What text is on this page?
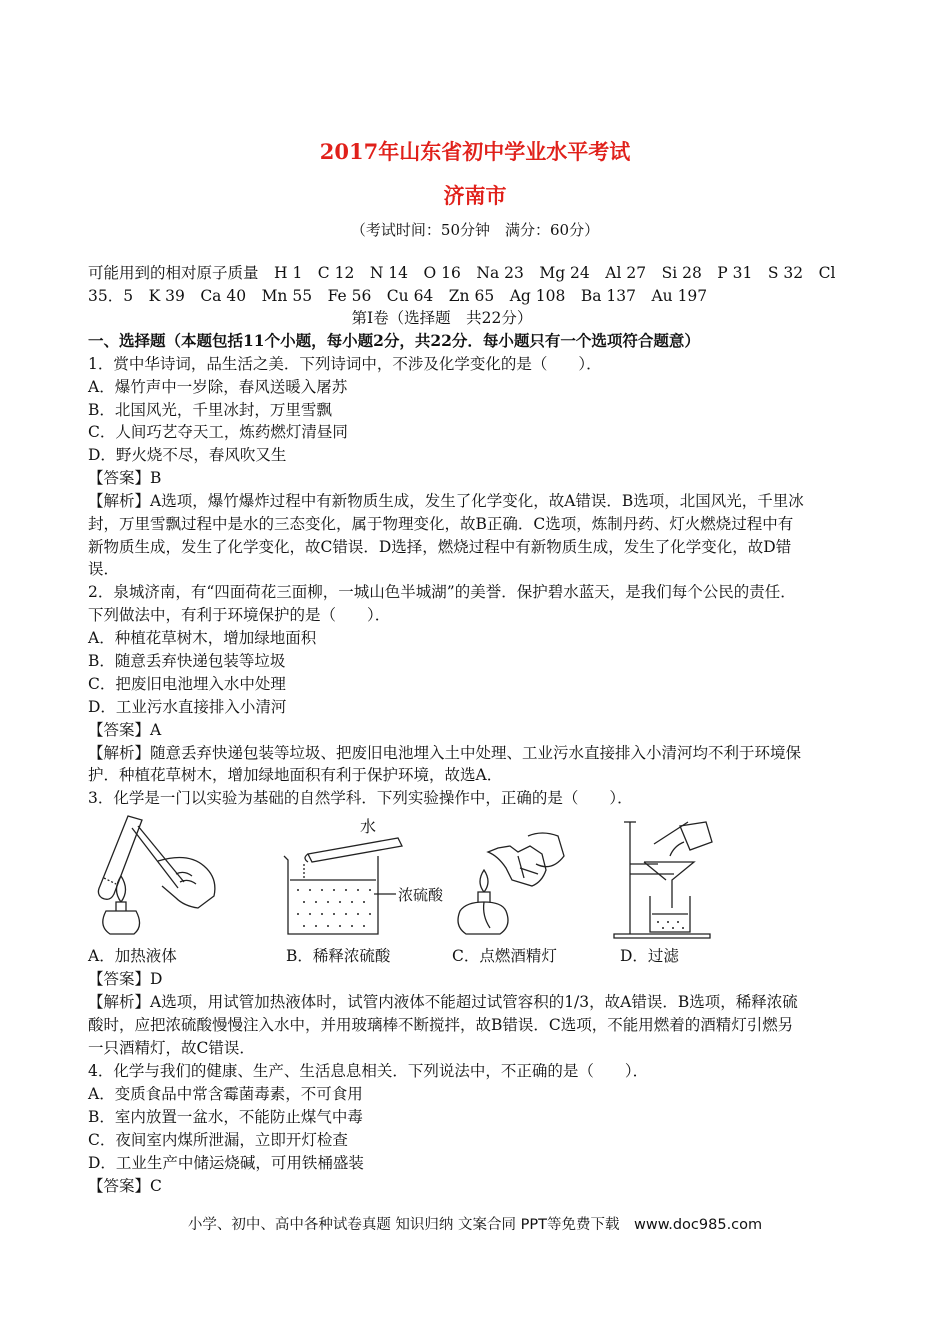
2017年山东省初中学业水平考试
济南市
（考试时间：50分钟　满分：60分）
可能用到的相对原子质量　H 1　C 12　N 14　O 16　Na 23　Mg 24　Al 27　Si 28　P 31　S 32　Cl
35．5　K 39　Ca 40　Mn 55　Fe 56　Cu 64　Zn 65　Ag 108　Ba 137　Au 197
　　　　　　　　　　　　　　　　　第Ⅰ卷（选择题　共22分）
一、选择题（本题包括11个小题，每小题2分，共22分．每小题只有一个选项符合题意）
1．赏中华诗词，品生活之美．下列诗词中，不涉及化学变化的是（　　）．
A．爆竹声中一岁除，春风送暖入屠苏
B．北国风光，千里冰封，万里雪飘
C．人间巧艺夺天工，炼药燃灯清昼同
D．野火烧不尽，春风吹又生
【答案】B
【解析】A选项，爆竹爆炸过程中有新物质生成，发生了化学变化，故A错误．B选项，北国风光，千里冰
封，万里雪飘过程中是水的三态变化，属于物理变化，故B正确．C选项，炼制丹药、灯火燃烧过程中有
新物质生成，发生了化学变化，故C错误．D选择，燃烧过程中有新物质生成，发生了化学变化，故D错
误．
2．泉城济南，有“四面荷花三面柳，一城山色半城湖”的美誉．保护碧水蓝天，是我们每个公民的责任．
下列做法中，有利于环境保护的是（　　）．
A．种植花草树木，增加绿地面积
B．随意丢弃快递包装等垃圾
C．把废旧电池埋入水中处理
D．工业污水直接排入小清河
【答案】A
【解析】随意丢弃快递包装等垃圾、把废旧电池埋入土中处理、工业污水直接排入小清河均不利于环境保
护．种植花草树木，增加绿地面积有利于保护环境，故选A．
3．化学是一门以实验为基础的自然学科．下列实验操作中，正确的是（　　）．
水
浓硫酸
A．加热液体	B．稀释浓硫酸	C．点燃酒精灯	D．过滤
【答案】D
【解析】A选项，用试管加热液体时，试管内液体不能超过试管容积的1/3，故A错误．B选项，稀释浓硫
酸时，应把浓硫酸慢慢注入水中，并用玻璃棒不断搅拌，故B错误．C选项，不能用燃着的酒精灯引燃另
一只酒精灯，故C错误．
4．化学与我们的健康、生产、生活息息相关．下列说法中，不正确的是（　　）．
A．变质食品中常含霉菌毒素，不可食用
B．室内放置一盆水，不能防止煤气中毒
C．夜间室内煤所泄漏，立即开灯检查
D．工业生产中储运烧碱，可用铁桶盛装
【答案】C
小学、初中、高中各种试卷真题 知识归纳 文案合同 PPT等免费下载　www.doc985.com
